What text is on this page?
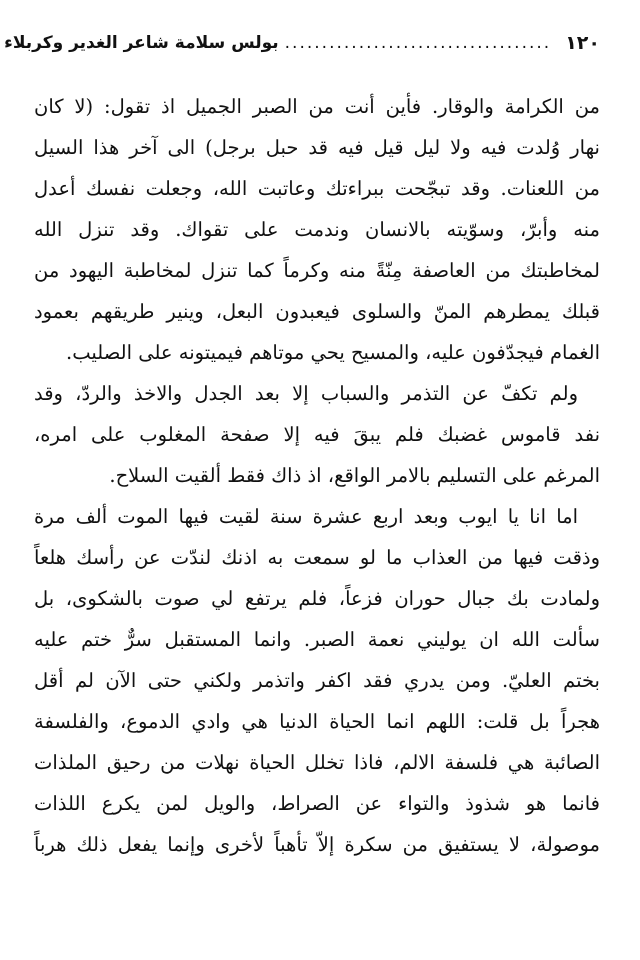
١٢٠
....................................
بولس سلامة شاعر الغدير وكربلاء
من الكرامة والوقار. فأين أنت من الصبر الجميل اذ تقول: (لا كان
نهار وُلدت فيه ولا ليل قيل فيه قد حبل برجل) الى آخر هذا السيل
من اللعنات. وقد تبجّحت ببراءتك وعاتبت الله، وجعلت نفسك أعدل
منه وأبرّ، وسوّيته بالانسان وندمت على تقواك. وقد تنزل الله
لمخاطبتك من العاصفة مِنّةً منه وكرماً كما تنزل لمخاطبة اليهود من
قبلك يمطرهم المنّ والسلوى فيعبدون البعل، وينير طريقهم بعمود
الغمام فيجدّفون عليه، والمسيح يحي موتاهم فيميتونه على الصليب.
ولم تكفّ عن التذمر والسباب إلا بعد الجدل والاخذ والردّ، وقد
نفد قاموس غضبك فلم يبقَ فيه إلا صفحة المغلوب على امره،
المرغم على التسليم بالامر الواقع، اذ ذاك فقط ألقيت السلاح.
اما انا يا ايوب وبعد اربع عشرة سنة لقيت فيها الموت ألف مرة
وذقت فيها من العذاب ما لو سمعت به اذنك لندّت عن رأسك هلعاً
ولمادت بك جبال حوران فزعاً، فلم يرتفع لي صوت بالشكوى، بل
سألت الله ان يوليني نعمة الصبر. وانما المستقبل سرٌّ ختم عليه
بختم العليّ. ومن يدري فقد اكفر واتذمر ولكني حتى الآن لم أقل
هجراً بل قلت: اللهم انما الحياة الدنيا هي وادي الدموع، والفلسفة
الصائبة هي فلسفة الالم، فاذا تخلل الحياة نهلات من رحيق الملذات
فانما هو شذوذ والتواء عن الصراط، والويل لمن يكرع اللذات
موصولة، لا يستفيق من سكرة إلاّ تأهباً لأخرى وإنما يفعل ذلك هرباً
